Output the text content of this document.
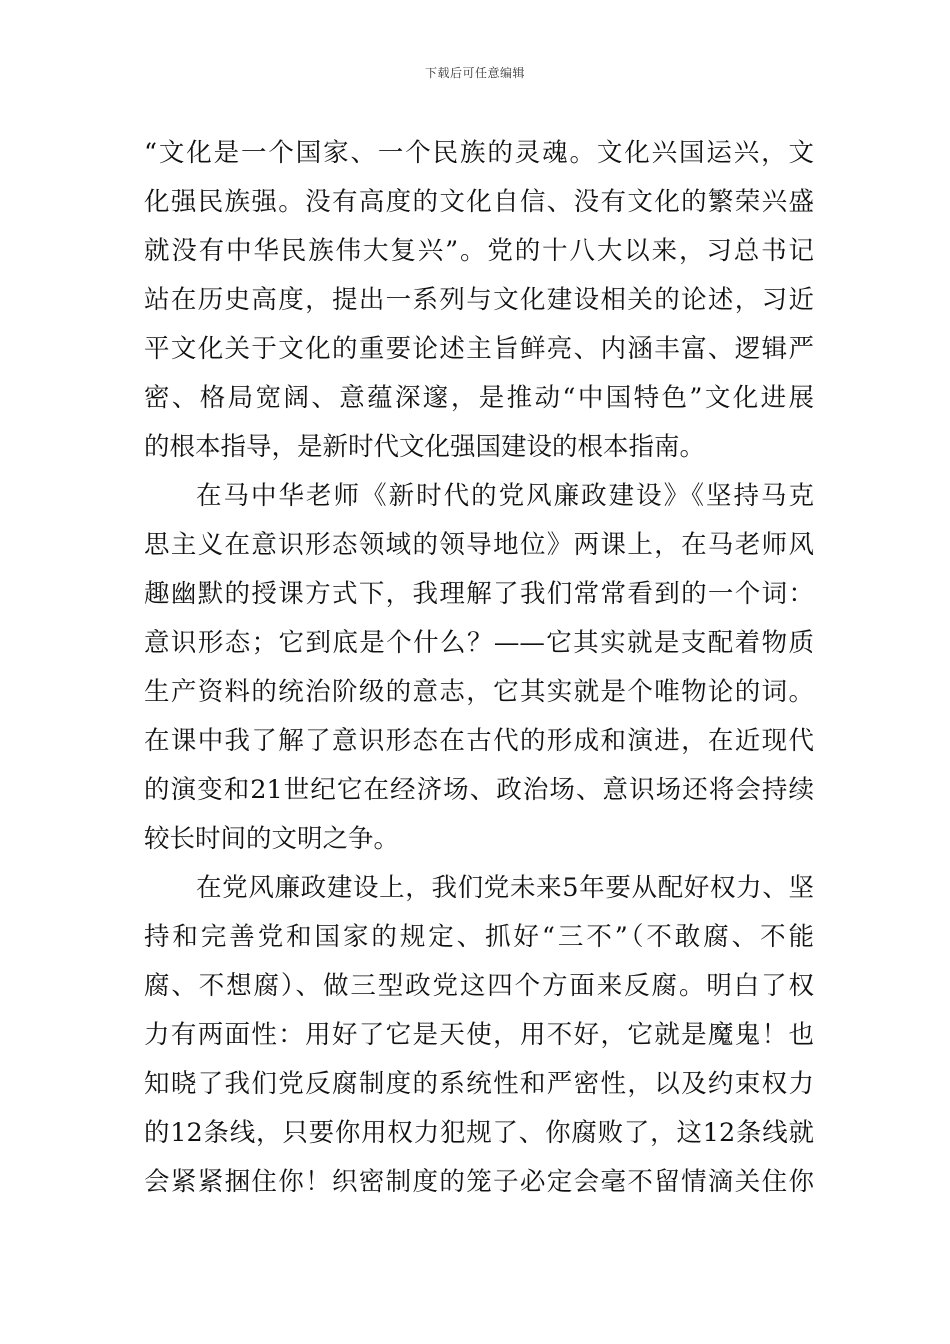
下载后可任意编辑
“文化是一个国家、一个民族的灵魂。文化兴国运兴，文
化强民族强。没有高度的文化自信、没有文化的繁荣兴盛
就没有中华民族伟大复兴”。党的十八大以来，习总书记
站在历史高度，提出一系列与文化建设相关的论述，习近
平文化关于文化的重要论述主旨鲜亮、内涵丰富、逻辑严
密、格局宽阔、意蕴深邃，是推动“中国特色”文化进展
的根本指导，是新时代文化强国建设的根本指南。
在马中华老师《新时代的党风廉政建设》《坚持马克
思主义在意识形态领域的领导地位》两课上，在马老师风
趣幽默的授课方式下，我理解了我们常常看到的一个词：
意识形态；它到底是个什么？——它其实就是支配着物质
生产资料的统治阶级的意志，它其实就是个唯物论的词。
在课中我了解了意识形态在古代的形成和演进，在近现代
的演变和21世纪它在经济场、政治场、意识场还将会持续
较长时间的文明之争。
在党风廉政建设上，我们党未来5年要从配好权力、坚
持和完善党和国家的规定、抓好“三不”（不敢腐、不能
腐、不想腐）、做三型政党这四个方面来反腐。明白了权
力有两面性：用好了它是天使，用不好，它就是魔鬼！也
知晓了我们党反腐制度的系统性和严密性，以及约束权力
的12条线，只要你用权力犯规了、你腐败了，这12条线就
会紧紧捆住你！织密制度的笼子必定会毫不留情滴关住你
